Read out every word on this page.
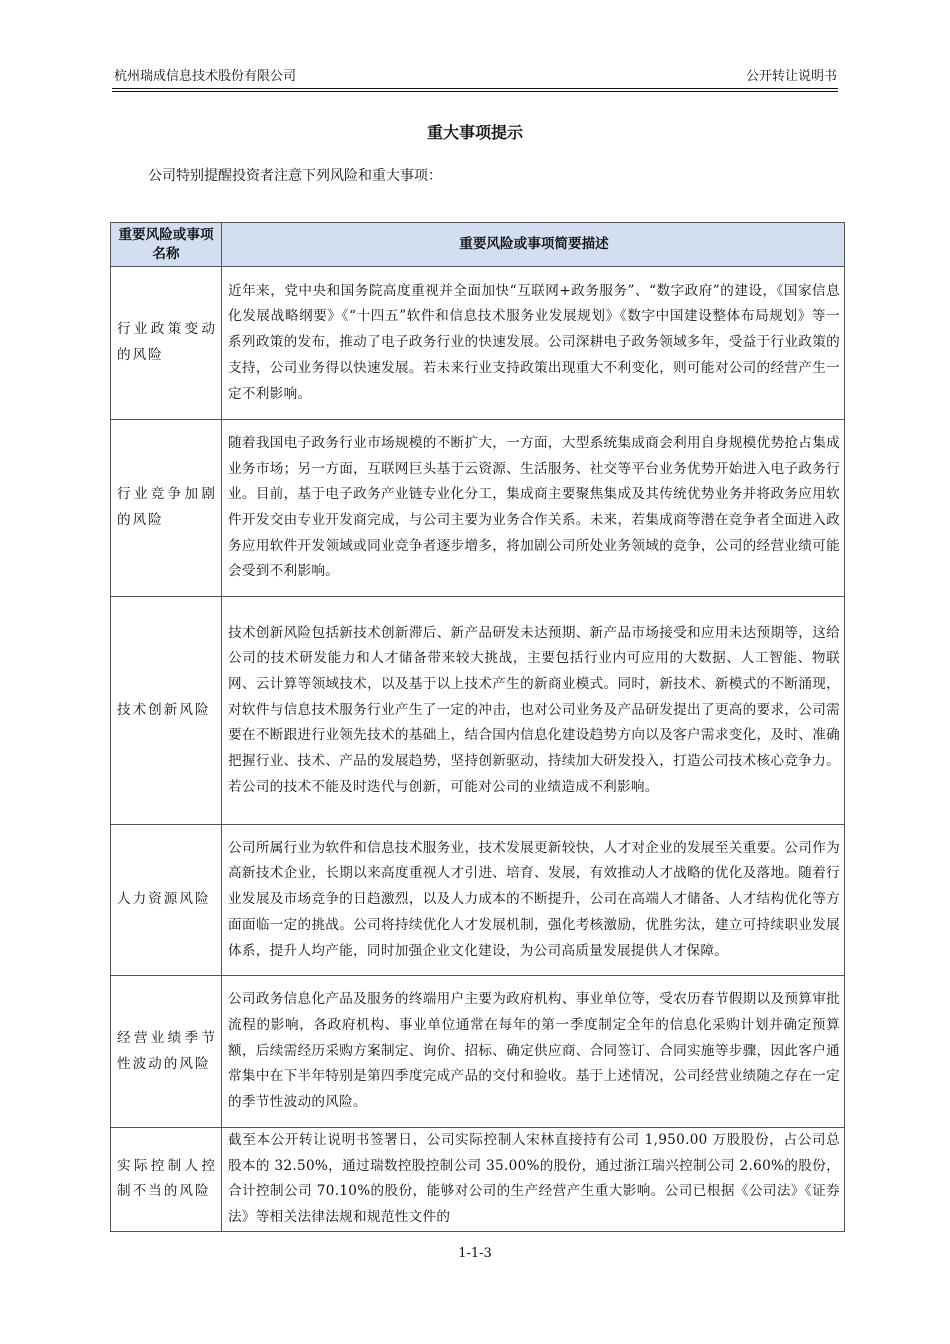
杭州瑞成信息技术股份有限公司	公开转让说明书
重大事项提示
公司特别提醒投资者注意下列风险和重大事项：
重要风险或事项名称	重要风险或事项简要描述
行业政策变动的风险	近年来，党中央和国务院高度重视并全面加快“互联网+政务服务”、“数字政府”的建设，《国家信息化发展战略纲要》《“十四五”软件和信息技术服务业发展规划》《数字中国建设整体布局规划》等一系列政策的发布，推动了电子政务行业的快速发展。公司深耕电子政务领域多年，受益于行业政策的支持，公司业务得以快速发展。若未来行业支持政策出现重大不利变化，则可能对公司的经营产生一定不利影响。
行业竞争加剧的风险	随着我国电子政务行业市场规模的不断扩大，一方面，大型系统集成商会利用自身规模优势抢占集成业务市场；另一方面，互联网巨头基于云资源、生活服务、社交等平台业务优势开始进入电子政务行业。目前，基于电子政务产业链专业化分工，集成商主要聚焦集成及其传统优势业务并将政务应用软件开发交由专业开发商完成，与公司主要为业务合作关系。未来，若集成商等潜在竞争者全面进入政务应用软件开发领域或同业竞争者逐步增多，将加剧公司所处业务领域的竞争，公司的经营业绩可能会受到不利影响。
技术创新风险	技术创新风险包括新技术创新滞后、新产品研发未达预期、新产品市场接受和应用未达预期等，这给公司的技术研发能力和人才储备带来较大挑战，主要包括行业内可应用的大数据、人工智能、物联网、云计算等领域技术，以及基于以上技术产生的新商业模式。同时，新技术、新模式的不断涌现，对软件与信息技术服务行业产生了一定的冲击，也对公司业务及产品研发提出了更高的要求，公司需要在不断跟进行业领先技术的基础上，结合国内信息化建设趋势方向以及客户需求变化，及时、准确把握行业、技术、产品的发展趋势，坚持创新驱动，持续加大研发投入，打造公司技术核心竞争力。若公司的技术不能及时迭代与创新，可能对公司的业绩造成不利影响。
人力资源风险	公司所属行业为软件和信息技术服务业，技术发展更新较快，人才对企业的发展至关重要。公司作为高新技术企业，长期以来高度重视人才引进、培育、发展，有效推动人才战略的优化及落地。随着行业发展及市场竞争的日趋激烈，以及人力成本的不断提升，公司在高端人才储备、人才结构优化等方面面临一定的挑战。公司将持续优化人才发展机制，强化考核激励，优胜劣汰，建立可持续职业发展体系，提升人均产能，同时加强企业文化建设，为公司高质量发展提供人才保障。
经营业绩季节性波动的风险	公司政务信息化产品及服务的终端用户主要为政府机构、事业单位等，受农历春节假期以及预算审批流程的影响，各政府机构、事业单位通常在每年的第一季度制定全年的信息化采购计划并确定预算额，后续需经历采购方案制定、询价、招标、确定供应商、合同签订、合同实施等步骤，因此客户通常集中在下半年特别是第四季度完成产品的交付和验收。基于上述情况，公司经营业绩随之存在一定的季节性波动的风险。
实际控制人控制不当的风险	截至本公开转让说明书签署日，公司实际控制人宋林直接持有公司 1,950.00 万股股份，占公司总股本的 32.50%，通过瑞数控股控制公司 35.00%的股份，通过浙江瑞兴控制公司 2.60%的股份，合计控制公司 70.10%的股份，能够对公司的生产经营产生重大影响。公司已根据《公司法》《证券法》等相关法律法规和规范性文件的
1-1-3
